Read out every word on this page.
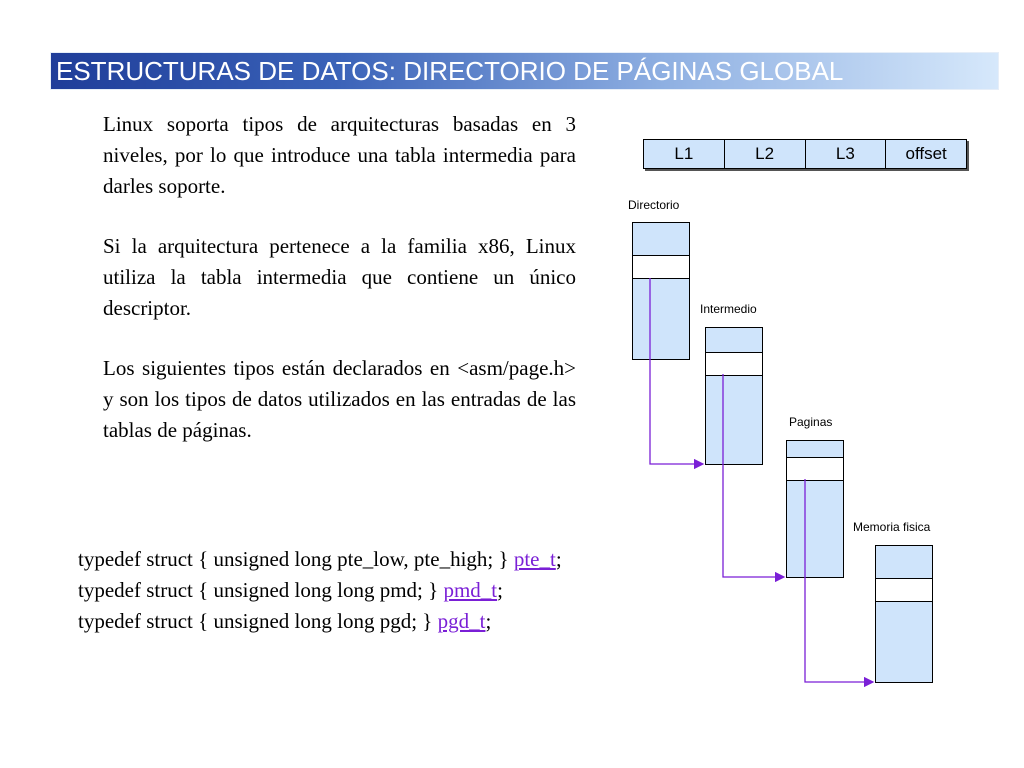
ESTRUCTURAS DE DATOS: DIRECTORIO DE PÁGINAS GLOBAL
Linux soporta tipos de arquitecturas basadas en 3 niveles, por lo que introduce una tabla intermedia para darles soporte.
Si la arquitectura pertenece a la familia x86, Linux utiliza la tabla intermedia que contiene un único descriptor.
Los siguientes tipos están declarados en <asm/page.h> y son los tipos de datos utilizados en las entradas de las tablas de páginas.
typedef struct { unsigned long pte_low, pte_high; } pte_t;
typedef struct { unsigned long long pmd; } pmd_t;
typedef struct { unsigned long long pgd; } pgd_t;
L1	L2	L3	offset
Directorio
Intermedio
Paginas
Memoria fisica
